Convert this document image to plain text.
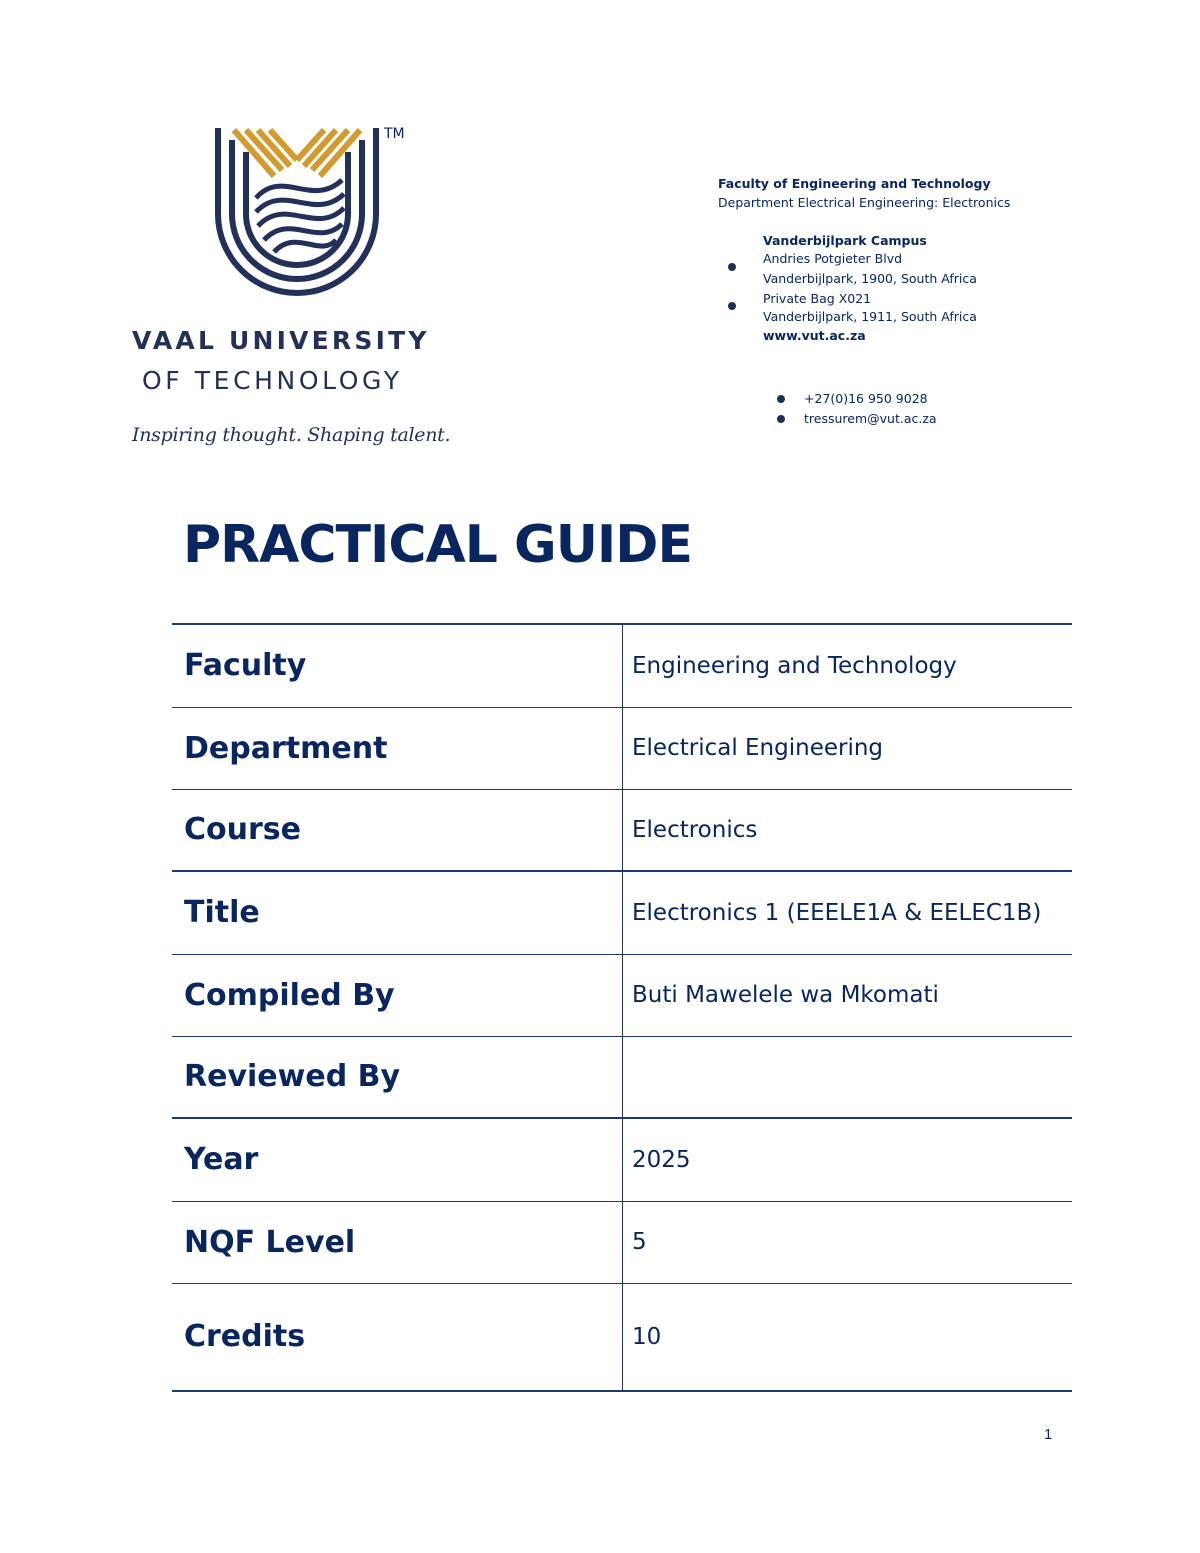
TM
VAAL UNIVERSITY
OF TECHNOLOGY
Inspiring thought. Shaping talent.
Faculty of Engineering and Technology
Department Electrical Engineering: Electronics
Vanderbijlpark Campus
Andries Potgieter Blvd
Vanderbijlpark, 1900, South Africa
Private Bag X021
Vanderbijlpark, 1911, South Africa
www.vut.ac.za
+27(0)16 950 9028
tressurem@vut.ac.za
PRACTICAL GUIDE
Faculty	Engineering and Technology
Department	Electrical Engineering
Course	Electronics
Title	Electronics 1 (EEELE1A & EELEC1B)
Compiled By	Buti Mawelele wa Mkomati
Reviewed By	
Year	2025
NQF Level	5
Credits	10
1
